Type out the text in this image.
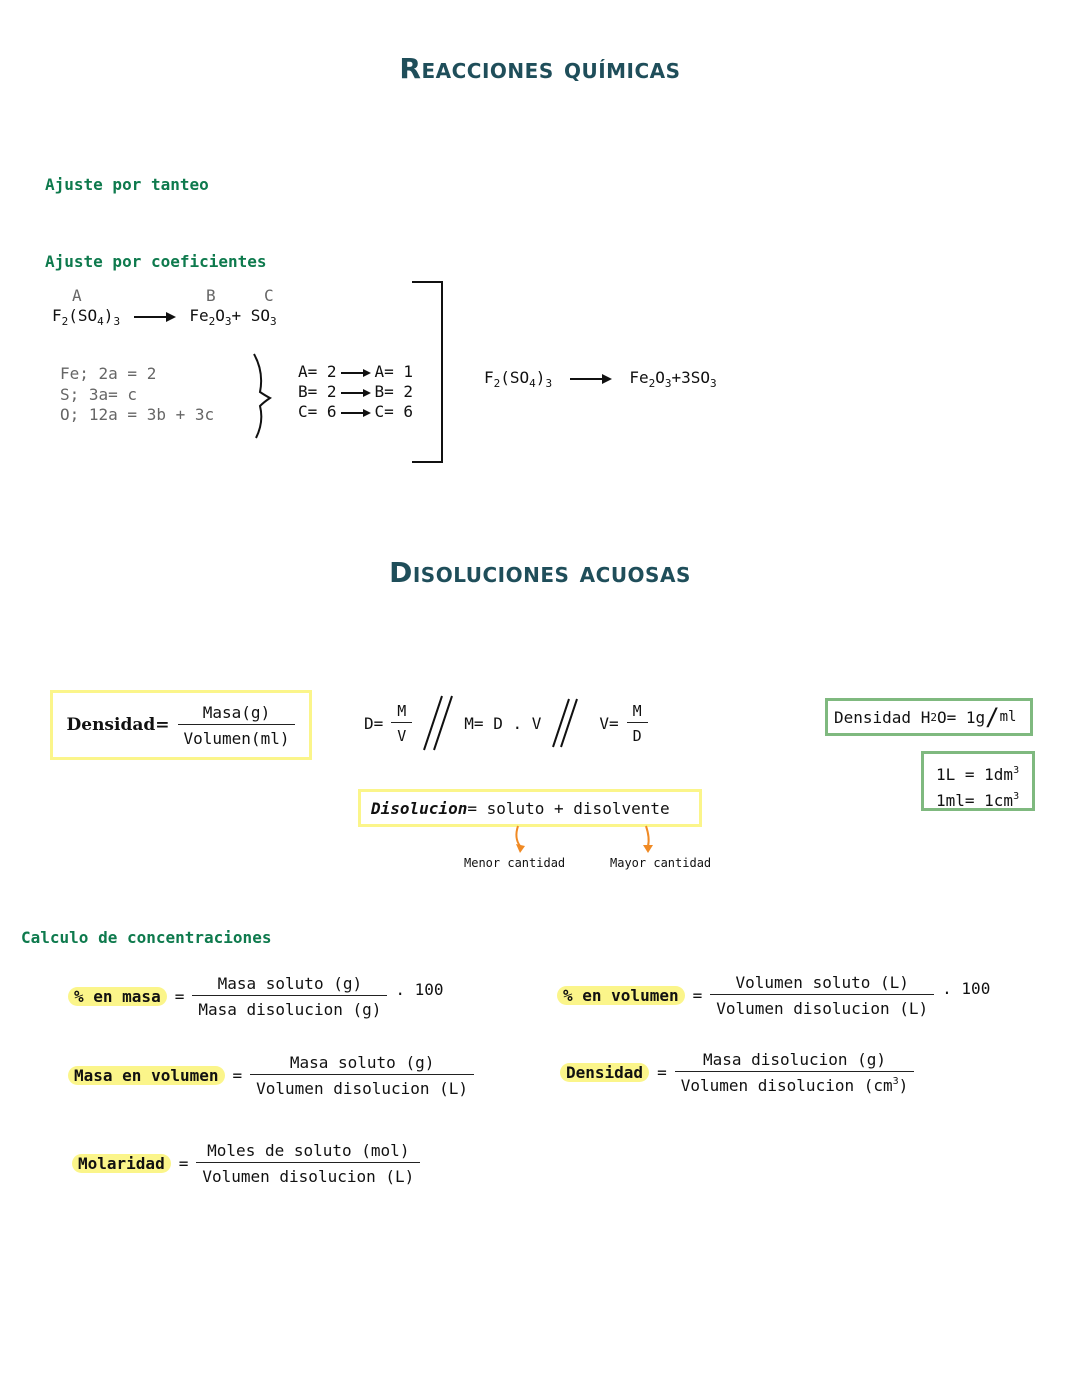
Reacciones químicas
Ajuste por tanteo
Ajuste por coeficientes
A	B	C
$F_2(SO_4)_3 \to Fe_2O_3+ SO_3$
Fe; 2a = 2
S; 3a= c
O; 12a = 3b + 3c
A= 2 A= 1
B= 2 B= 2
C= 6 C= 6
$F_2(SO_4)_3 \to Fe_2O_3+3SO_3$
Disoluciones acuosas
Densidad= $\frac{\text{Masa(g)}}{\text{Volumen(ml)}}$	$D= \frac{M}{V}$	M= D . V	$V= \frac{M}{D}$	Densidad H 2 O= 1g / ml
$1L = 1dm^3$
$1ml= 1cm^3$
Disolucion = soluto + disolvente
Menor cantidad	Mayor cantidad
Calculo de concentraciones
% en masa = $\frac{\text{Masa soluto (g)}}{\text{Masa disolucion (g)}}$ . 100	% en volumen = $\frac{\text{Volumen soluto (L)}}{\text{Volumen disolucion (L)}}$ . 100
Masa en volumen = $\frac{\text{Masa soluto (g)}}{\text{Volumen disolucion (L)}}$	Densidad = $\frac{\text{Masa disolucion (g)}}{Volumen disolucion (cm^3)}$
Molaridad = $\frac{\text{Moles de soluto (mol)}}{\text{Volumen disolucion (L)}}$
